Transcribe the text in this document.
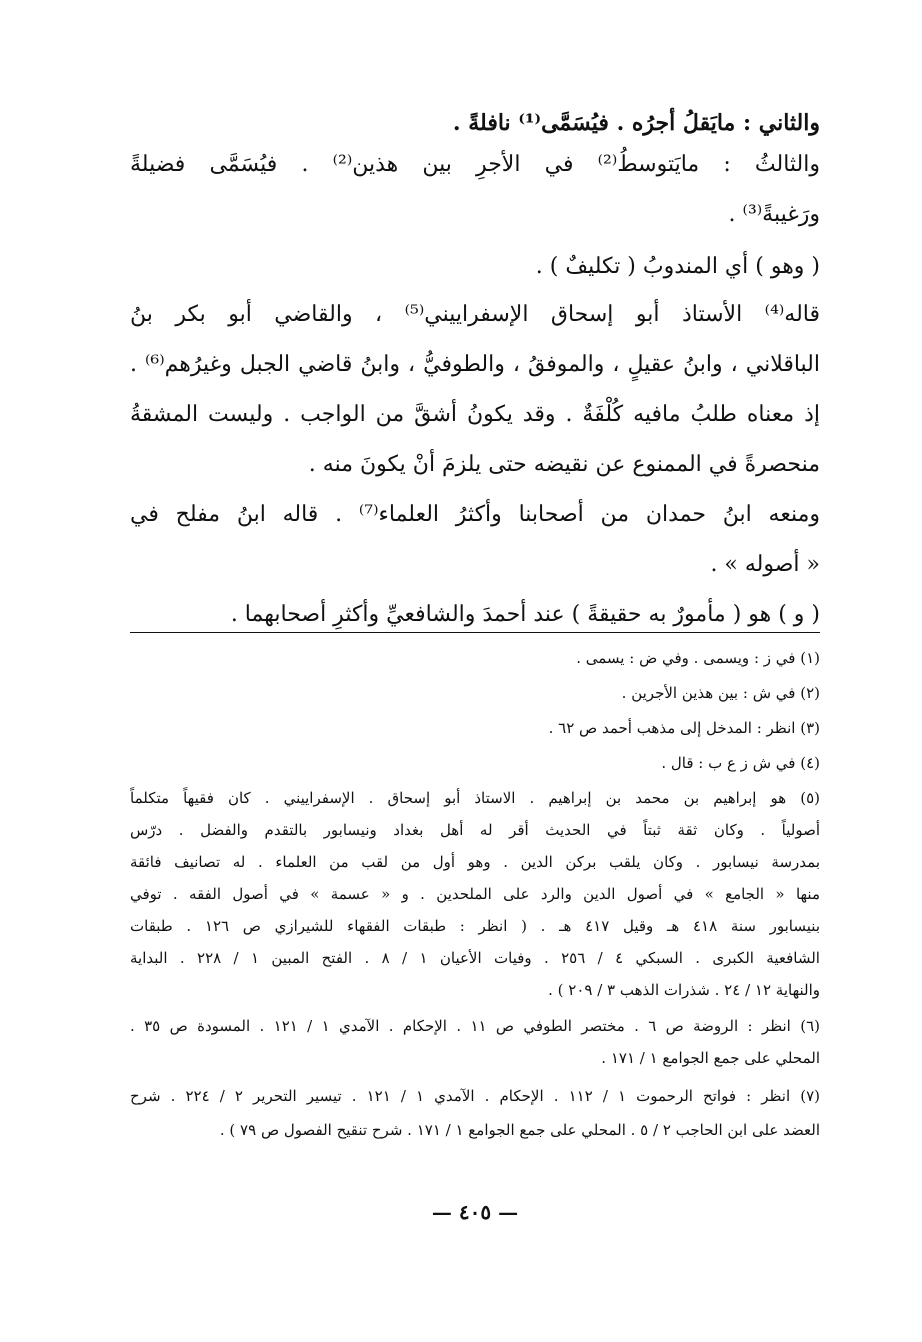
والثاني : مايَقلُ أجرُه . فيُسَمَّى⁽¹⁾ نافلةً .
والثالثُ : مايَتوسطُ⁽²⁾ في الأجرِ بين هذين⁽²⁾ . فيُسَمَّى فضيلةً
ورَغيبةً⁽³⁾ .
( وهو ) أي المندوبُ ( تكليفٌ ) .
قاله⁽⁴⁾ الأستاذ أبو إسحاق الإسفراييني⁽⁵⁾ ، والقاضي أبو بكر بنُ
الباقلاني ، وابنُ عقيلٍ ، والموفقُ ، والطوفيُّ ، وابنُ قاضي الجبل وغيرُهم⁽⁶⁾ .
إذ معناه طلبُ مافيه كُلْفَةٌ . وقد يكونُ أشقَّ من الواجب . وليست المشقةُ
منحصرةً في الممنوع عن نقيضه حتى يلزمَ أنْ يكونَ منه .
ومنعه ابنُ حمدان من أصحابنا وأكثرُ العلماء⁽⁷⁾ . قاله ابنُ مفلح في
« أصوله » .
( و ) هو ( مأمورٌ به حقيقةً ) عند أحمدَ والشافعيِّ وأكثرِ أصحابهما .
(١) في ز : ويسمى . وفي ض : يسمى .
(٢) في ش : بين هذين الأجرين .
(٣) انظر : المدخل إلى مذهب أحمد ص ٦٢ .
(٤) في ش ز ع ب : قال .
(٥) هو إبراهيم بن محمد بن إبراهيم . الاستاذ أبو إسحاق . الإسفراييني . كان فقيهاً متكلماً
أصولياً . وكان ثقة ثبتاً في الحديث أقر له أهل بغداد ونيسابور بالتقدم والفضل . درّس
بمدرسة نيسابور . وكان يلقب بركن الدين . وهو أول من لقب من العلماء . له تصانيف فائقة
منها « الجامع » في أصول الدين والرد على الملحدين . و « عسمة » في أصول الفقه . توفي
بنيسابور سنة ٤١٨ هـ وقيل ٤١٧ هـ . ( انظر : طبقات الفقهاء للشيرازي ص ١٢٦ . طبقات
الشافعية الكبرى . السبكي ٤ / ٢٥٦ . وفيات الأعيان ١ / ٨ . الفتح المبين ١ / ٢٢٨ . البداية
والنهاية ١٢ / ٢٤ . شذرات الذهب ٣ / ٢٠٩ ) .
(٦) انظر : الروضة ص ٦ . مختصر الطوفي ص ١١ . الإحكام . الآمدي ١ / ١٢١ . المسودة ص ٣٥ .
المحلي على جمع الجوامع ١ / ١٧١ .
(٧) انظر : فواتح الرحموت ١ / ١١٢ . الإحكام . الآمدي ١ / ١٢١ . تيسير التحرير ٢ / ٢٢٤ . شرح
العضد على ابن الحاجب ٢ / ٥ . المحلي على جمع الجوامع ١ / ١٧١ . شرح تنقيح الفصول ص ٧٩ ) .
— ٤٠٥ —
